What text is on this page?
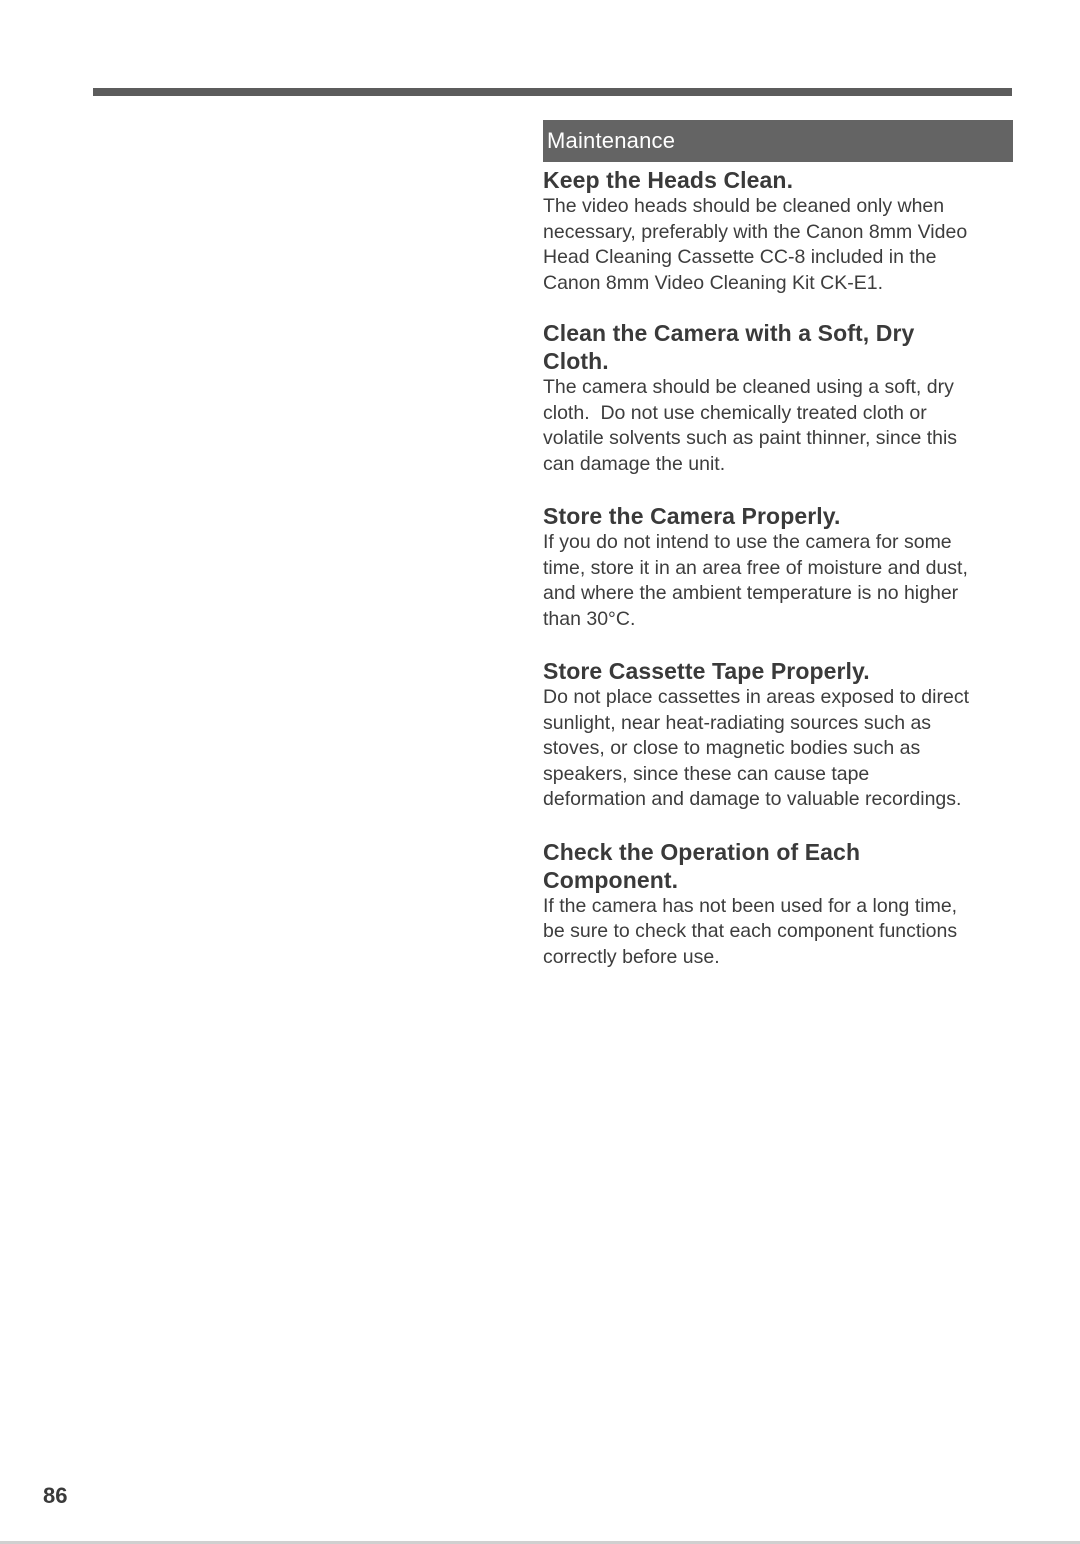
Maintenance
Keep the Heads Clean.

The video heads should be cleaned only when
necessary, preferably with the Canon 8mm Video
Head Cleaning Cassette CC-8 included in the
Canon 8mm Video Cleaning Kit CK-E1.

Clean the Camera with a Soft, Dry
Cloth.

The camera should be cleaned using a soft, dry
cloth.  Do not use chemically treated cloth or
volatile solvents such as paint thinner, since this
can damage the unit.

Store the Camera Properly.

If you do not intend to use the camera for some
time, store it in an area free of moisture and dust,
and where the ambient temperature is no higher
than 30°C.

Store Cassette Tape Properly.

Do not place cassettes in areas exposed to direct
sunlight, near heat-radiating sources such as
stoves, or close to magnetic bodies such as
speakers, since these can cause tape
deformation and damage to valuable recordings.

Check the Operation of Each
Component.

If the camera has not been used for a long time,
be sure to check that each component functions
correctly before use.

86
